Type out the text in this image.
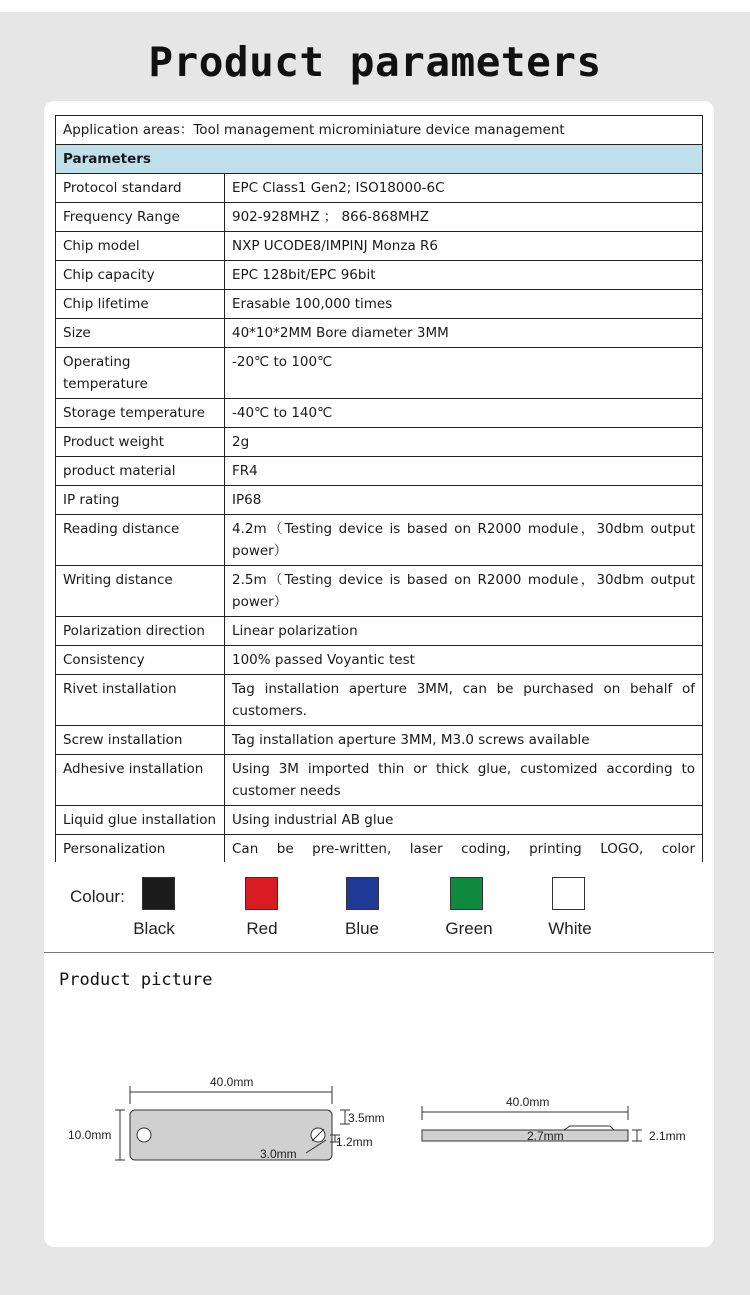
Product parameters
Application areas：Tool management microminiature device management	
Parameters	
Protocol standard	EPC Class1 Gen2; ISO18000-6C
Frequency Range	902-928MHZ ； 866-868MHZ
Chip model	NXP UCODE8/IMPINJ Monza R6
Chip capacity	EPC 128bit/EPC 96bit
Chip lifetime	Erasable 100,000 times
Size	40*10*2MM Bore diameter 3MM
Operating temperature	-20℃ to 100℃
Storage temperature	-40℃ to 140℃
Product weight	2g
product material	FR4
IP rating	IP68
Reading distance	4.2m（Testing device is based on R2000 module，30dbm output power）
Writing distance	2.5m（Testing device is based on R2000 module，30dbm output power）
Polarization direction	Linear polarization
Consistency	100% passed Voyantic test
Rivet installation	Tag installation aperture 3MM, can be purchased on behalf of customers.
Screw installation	Tag installation aperture 3MM, M3.0 screws available
Adhesive installation	Using 3M imported thin or thick glue, customized according to customer needs
Liquid glue installation	Using industrial AB glue
Personalization	Can be pre-written, laser coding, printing LOGO, color
Colour:
Black	Red	Blue	Green	White
Product picture
40.0mm
10.0mm
3.5mm
1.2mm
3.0mm
40.0mm
2.7mm	2.1mm
